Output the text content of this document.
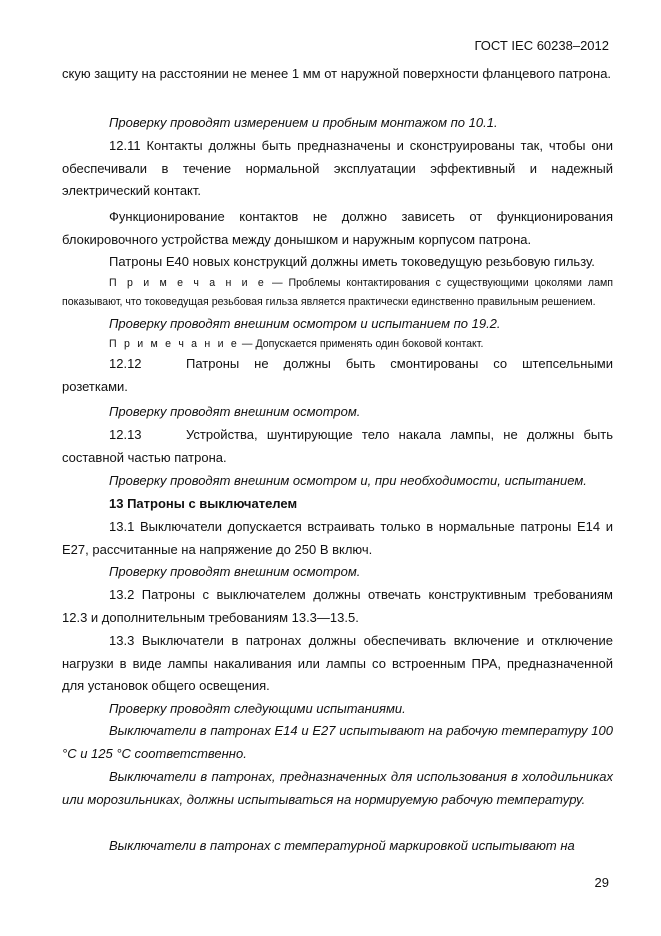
ГОСТ IEC 60238–2012

скую защиту на расстоянии не менее 1 мм от наружной поверхности фланцевого патрона.

Проверку проводят измерением и пробным монтажом по 10.1.

12.11 Контакты должны быть предназначены и сконструированы так, чтобы они обеспечивали в течение нормальной эксплуатации эффективный и надежный электрический контакт.

Функционирование контактов не должно зависеть от функционирования блокировочного устройства между донышком и наружным корпусом патрона.

Патроны Е40 новых конструкций должны иметь токоведущую резьбовую гильзу.

П р и м е ч а н и е — Проблемы контактирования с существующими цоколями ламп показывают, что токоведущая резьбовая гильза является практически единственно правильным решением.

Проверку проводят внешним осмотром и испытанием по 19.2.

П р и м е ч а н и е — Допускается применять один боковой контакт.

12.12	Патроны не должны быть смонтированы со штепсельными розетками.

Проверку проводят внешним осмотром.

12.13	Устройства, шунтирующие тело накала лампы, не должны быть составной частью патрона.

Проверку проводят внешним осмотром и, при необходимости, испытанием.

13 Патроны с выключателем

13.1 Выключатели допускается встраивать только в нормальные патроны Е14 и Е27, рассчитанные на напряжение до 250 В включ.

Проверку проводят внешним осмотром.

13.2 Патроны с выключателем должны отвечать конструктивным требованиям 12.3 и дополнительным требованиям 13.3—13.5.

13.3 Выключатели в патронах должны обеспечивать включение и отключение нагрузки в виде лампы накаливания или лампы со встроенным ПРА, предназначенной для установок общего освещения.

Проверку проводят следующими испытаниями.

Выключатели в патронах Е14 и Е27 испытывают на рабочую температуру 100 °С и 125 °С соответственно.

Выключатели в патронах, предназначенных для использования в холодильниках или морозильниках, должны испытываться на нормируемую рабочую температуру.

Выключатели в патронах с температурной маркировкой испытывают на

29
